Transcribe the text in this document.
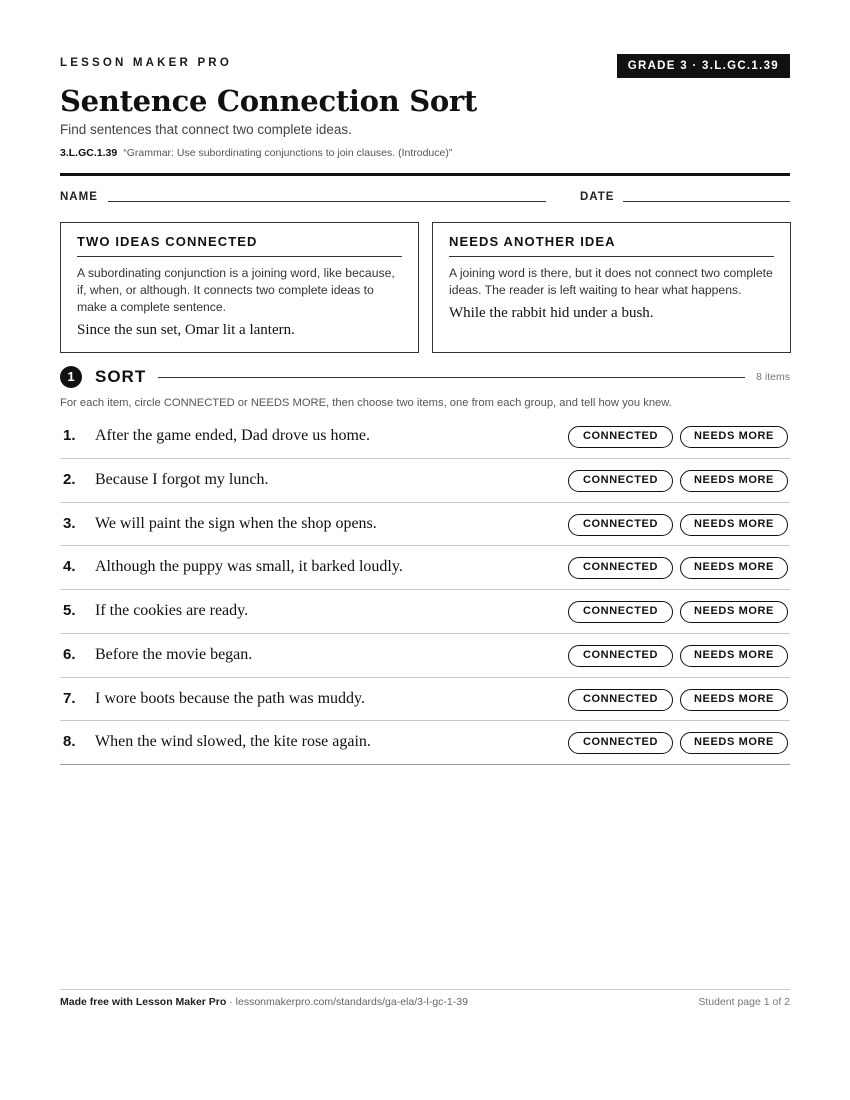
LESSON MAKER PRO	GRADE 3 · 3.L.GC.1.39
Sentence Connection Sort
Find sentences that connect two complete ideas.
3.L.GC.1.39 “Grammar: Use subordinating conjunctions to join clauses. (Introduce)”
NAME	DATE
TWO IDEAS CONNECTED
A subordinating conjunction is a joining word, like because, if, when, or although. It connects two complete ideas to make a complete sentence.
Since the sun set, Omar lit a lantern.
NEEDS ANOTHER IDEA
A joining word is there, but it does not connect two complete ideas. The reader is left waiting to hear what happens.
While the rabbit hid under a bush.
1	SORT	8 items
For each item, circle CONNECTED or NEEDS MORE, then choose two items, one from each group, and tell how you knew.
1. After the game ended, Dad drove us home.	CONNECTED	NEEDS MORE
2. Because I forgot my lunch.	CONNECTED	NEEDS MORE
3. We will paint the sign when the shop opens.	CONNECTED	NEEDS MORE
4. Although the puppy was small, it barked loudly.	CONNECTED	NEEDS MORE
5. If the cookies are ready.	CONNECTED	NEEDS MORE
6. Before the movie began.	CONNECTED	NEEDS MORE
7. I wore boots because the path was muddy.	CONNECTED	NEEDS MORE
8. When the wind slowed, the kite rose again.	CONNECTED	NEEDS MORE
Made free with Lesson Maker Pro · lessonmakerpro.com/standards/ga-ela/3-l-gc-1-39	Student page 1 of 2
